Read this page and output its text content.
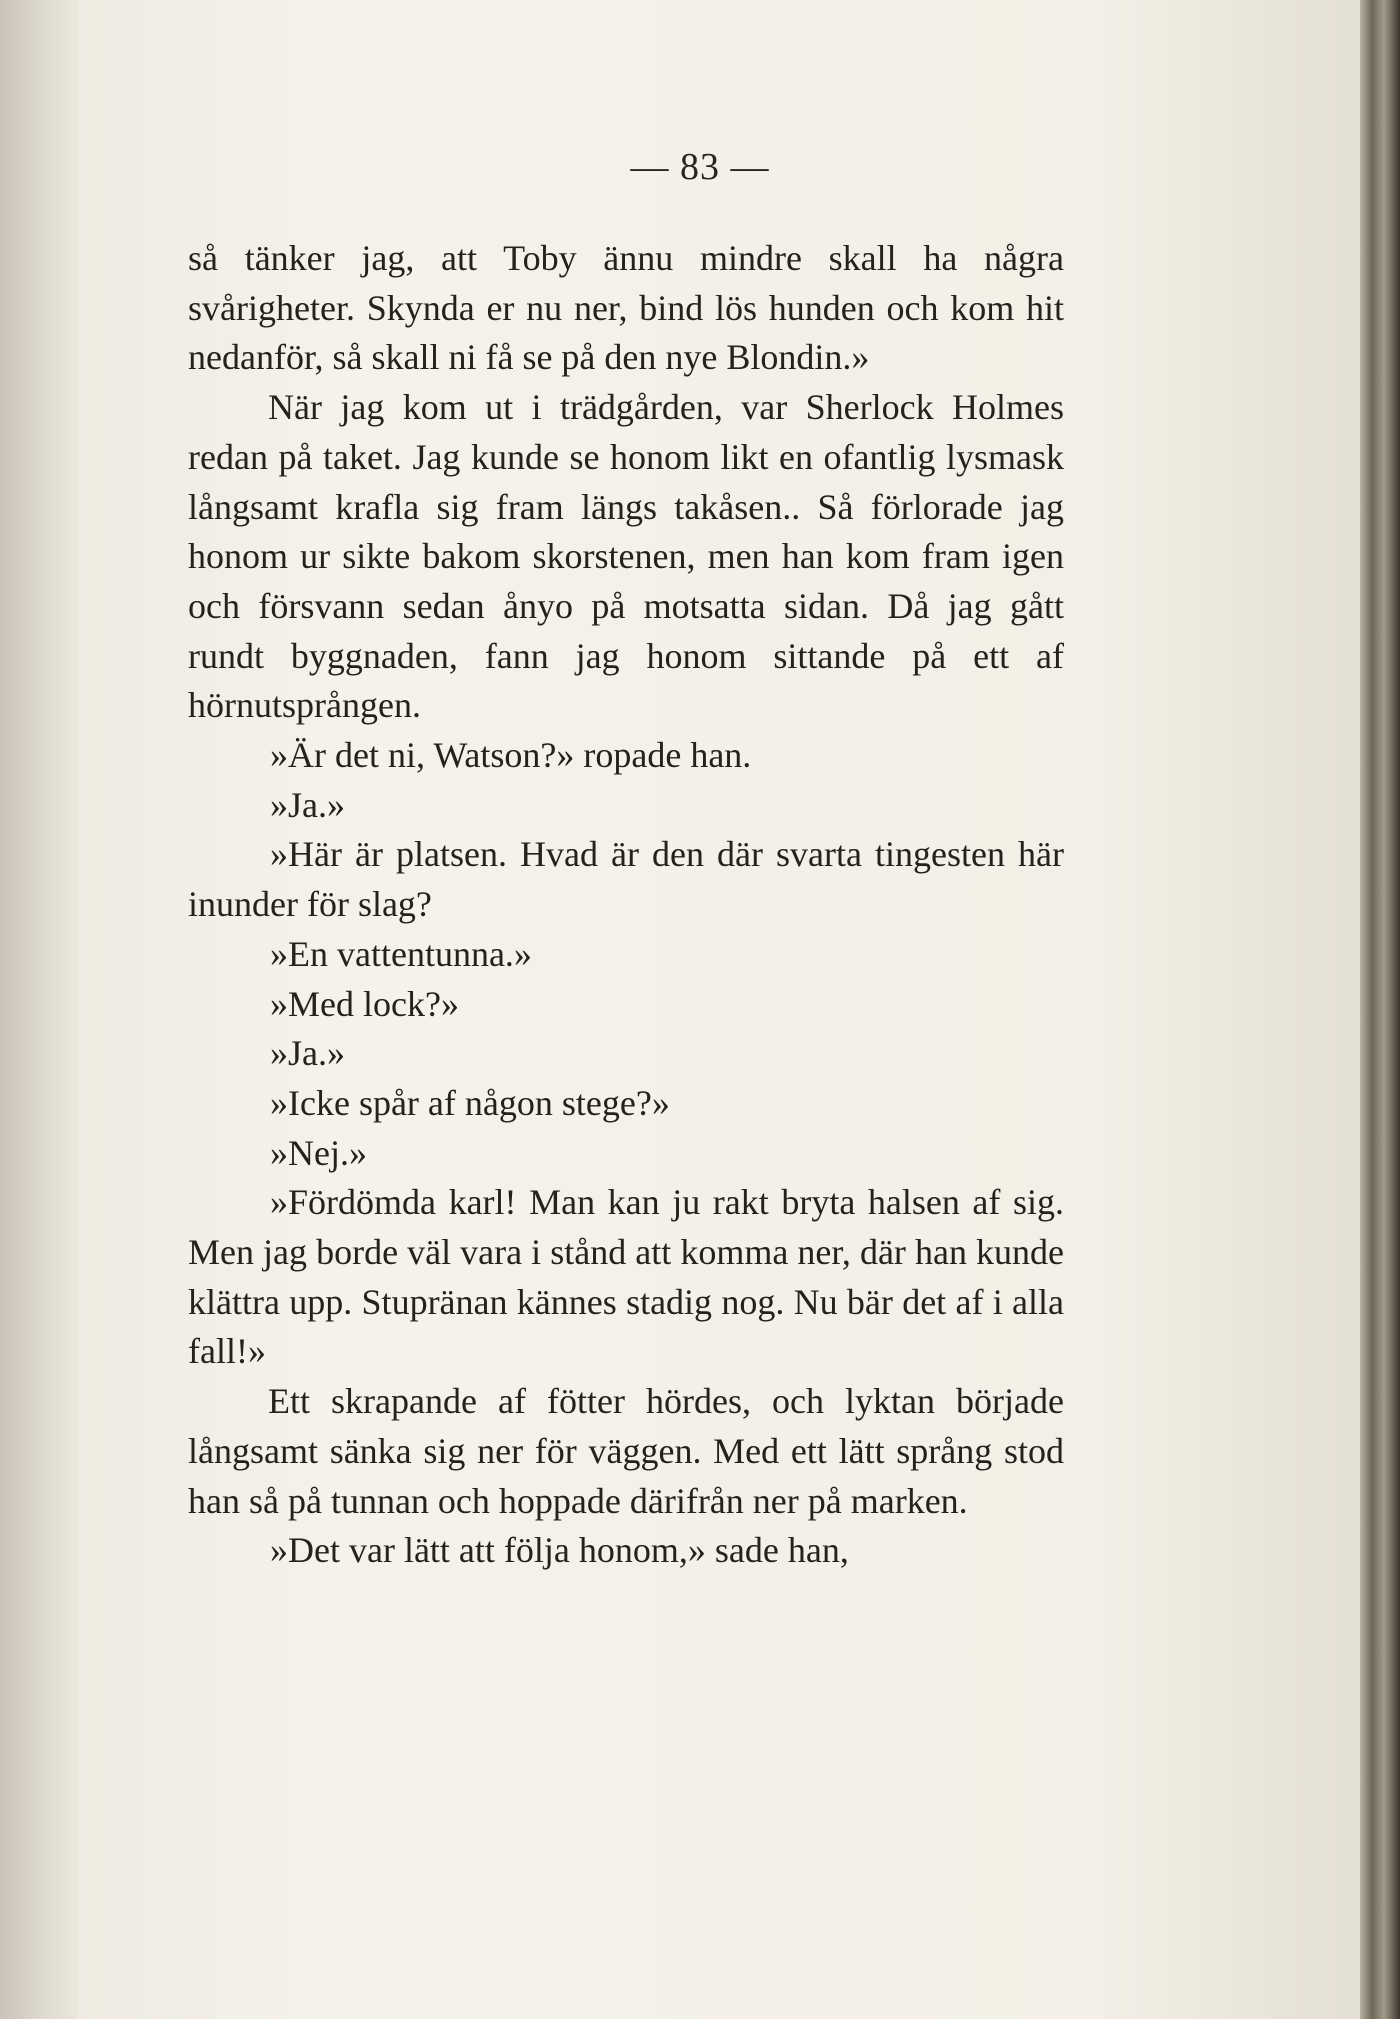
— 83 —

så tänker jag, att Toby ännu mindre skall ha några svårigheter. Skynda er nu ner, bind lös hunden och kom hit nedanför, så skall ni få se på den nye Blondin.»

När jag kom ut i trädgården, var Sherlock Holmes redan på taket. Jag kunde se honom likt en ofantlig lysmask långsamt krafla sig fram längs takåsen.. Så förlorade jag honom ur sikte bakom skorstenen, men han kom fram igen och försvann sedan ånyo på motsatta sidan. Då jag gått rundt byggnaden, fann jag honom sittande på ett af hörnutsprången.

»Är det ni, Watson?» ropade han.

»Ja.»

»Här är platsen. Hvad är den där svarta tingesten här inunder för slag?

»En vattentunna.»

»Med lock?»

»Ja.»

»Icke spår af någon stege?»

»Nej.»

»Fördömda karl! Man kan ju rakt bryta halsen af sig. Men jag borde väl vara i stånd att komma ner, där han kunde klättra upp. Stupränan kännes stadig nog. Nu bär det af i alla fall!»

Ett skrapande af fötter hördes, och lyktan började långsamt sänka sig ner för väggen. Med ett lätt språng stod han så på tunnan och hoppade därifrån ner på marken.

»Det var lätt att följa honom,» sade han,
